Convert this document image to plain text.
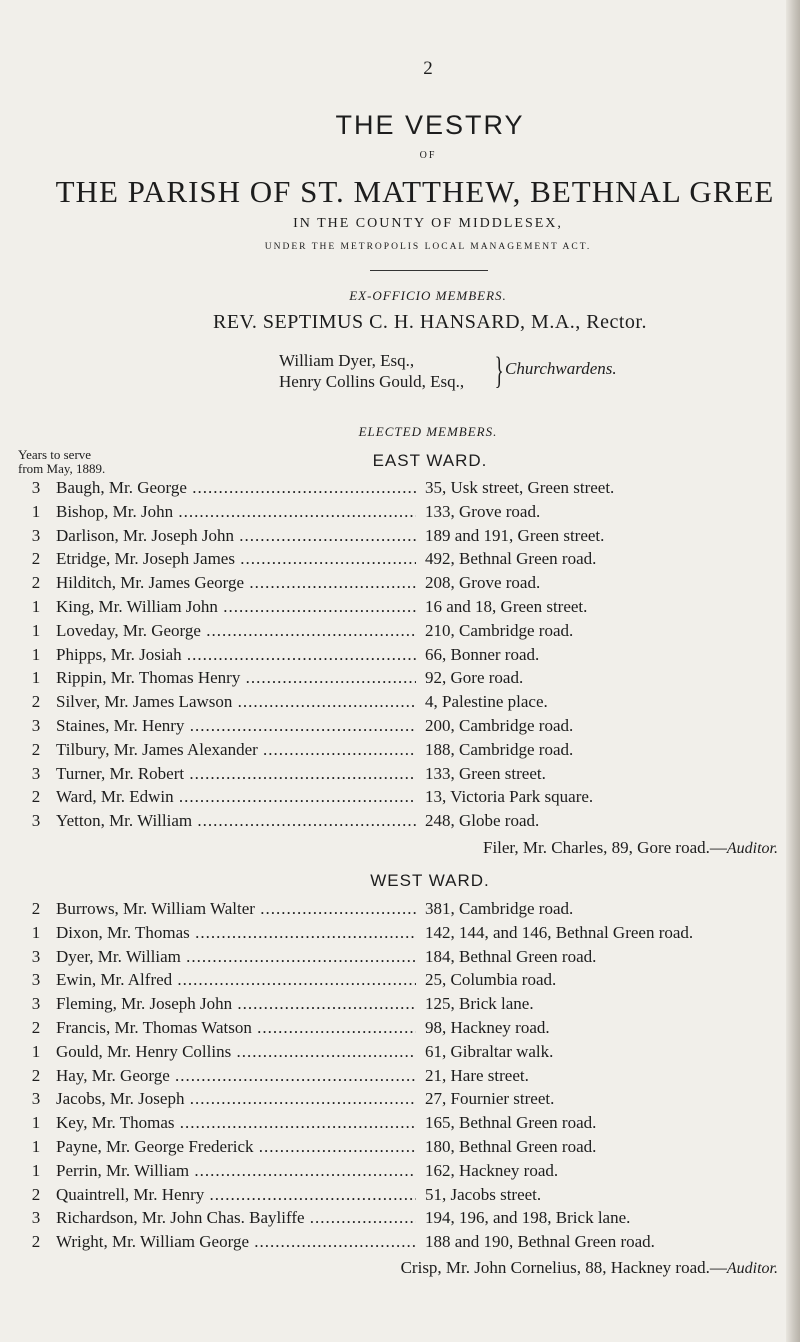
2
THE VESTRY
OF
THE PARISH OF ST. MATTHEW, BETHNAL GREE
IN THE COUNTY OF MIDDLESEX,
UNDER THE METROPOLIS LOCAL MANAGEMENT ACT.
EX-OFFICIO MEMBERS.
REV. SEPTIMUS C. H. HANSARD, M.A., Rector.
William Dyer, Esq.,
Henry Collins Gould, Esq., } Churchwardens.
ELECTED MEMBERS.
Years to serve
from May, 1889.	EAST WARD.
3 Baugh, Mr. George .....	35, Usk street, Green street.
1 Bishop, Mr. John .....	133, Grove road.
3 Darlison, Mr. Joseph John .....	189 and 191, Green street.
2 Etridge, Mr. Joseph James .....	492, Bethnal Green road.
2 Hilditch, Mr. James George .....	208, Grove road.
1 King, Mr. William John .....	16 and 18, Green street.
1 Loveday, Mr. George .....	210, Cambridge road.
1 Phipps, Mr. Josiah .....	66, Bonner road.
1 Rippin, Mr. Thomas Henry .....	92, Gore road.
2 Silver, Mr. James Lawson .....	4, Palestine place.
3 Staines, Mr. Henry .....	200, Cambridge road.
2 Tilbury, Mr. James Alexander .....	188, Cambridge road.
3 Turner, Mr. Robert .....	133, Green street.
2 Ward, Mr. Edwin .....	13, Victoria Park square.
3 Yetton, Mr. William .....	248, Globe road.
Filer, Mr. Charles, 89, Gore road.—Auditor.
WEST WARD.
2 Burrows, Mr. William Walter .....	381, Cambridge road.
1 Dixon, Mr. Thomas .....	142, 144, and 146, Bethnal Green road.
3 Dyer, Mr. William .....	184, Bethnal Green road.
3 Ewin, Mr. Alfred .....	25, Columbia road.
3 Fleming, Mr. Joseph John .....	125, Brick lane.
2 Francis, Mr. Thomas Watson .....	98, Hackney road.
1 Gould, Mr. Henry Collins .....	61, Gibraltar walk.
2 Hay, Mr. George .....	21, Hare street.
3 Jacobs, Mr. Joseph .....	27, Fournier street.
1 Key, Mr. Thomas .....	165, Bethnal Green road.
1 Payne, Mr. George Frederick .....	180, Bethnal Green road.
1 Perrin, Mr. William .....	162, Hackney road.
2 Quaintrell, Mr. Henry .....	51, Jacobs street.
3 Richardson, Mr. John Chas. Bayliffe .....	194, 196, and 198, Brick lane.
2 Wright, Mr. William George .....	188 and 190, Bethnal Green road.
Crisp, Mr. John Cornelius, 88, Hackney road.—Auditor.
